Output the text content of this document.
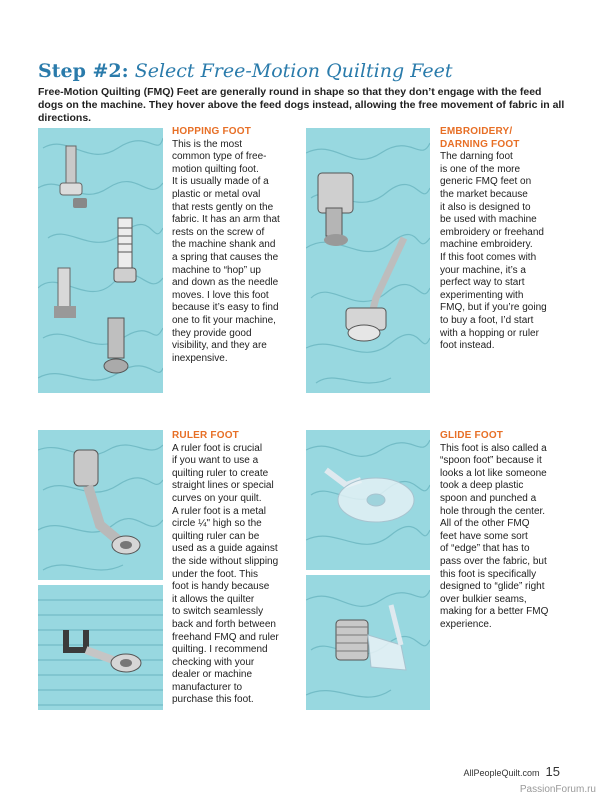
Step #2: Select Free-Motion Quilting Feet
Free-Motion Quilting (FMQ) Feet are generally round in shape so that they don’t engage with the feed dogs on the machine. They hover above the feed dogs instead, allowing the free movement of fabric in all directions.
HOPPING FOOT
This is the most
common type of free-
motion quilting foot.
It is usually made of a
plastic or metal oval
that rests gently on the
fabric. It has an arm that
rests on the screw of
the machine shank and
a spring that causes the
machine to “hop” up
and down as the needle
moves. I love this foot
because it’s easy to find
one to fit your machine,
they provide good
visibility, and they are
inexpensive.
EMBROIDERY/
DARNING FOOT
The darning foot
is one of the more
generic FMQ feet on
the market because
it also is designed to
be used with machine
embroidery or freehand
machine embroidery.
If this foot comes with
your machine, it’s a
perfect way to start
experimenting with
FMQ, but if you’re going
to buy a foot, I’d start
with a hopping or ruler
foot instead.
RULER FOOT
A ruler foot is crucial
if you want to use a
quilting ruler to create
straight lines or special
curves on your quilt.
A ruler foot is a metal
circle ¼" high so the
quilting ruler can be
used as a guide against
the side without slipping
under the foot. This
foot is handy because
it allows the quilter
to switch seamlessly
back and forth between
freehand FMQ and ruler
quilting. I recommend
checking with your
dealer or machine
manufacturer to
purchase this foot.
GLIDE FOOT
This foot is also called a
“spoon foot” because it
looks a lot like someone
took a deep plastic
spoon and punched a
hole through the center.
All of the other FMQ
feet have some sort
of “edge” that has to
pass over the fabric, but
this foot is specifically
designed to “glide” right
over bulkier seams,
making for a better FMQ
experience.
AllPeopleQuilt.com 15
PassionForum.ru
